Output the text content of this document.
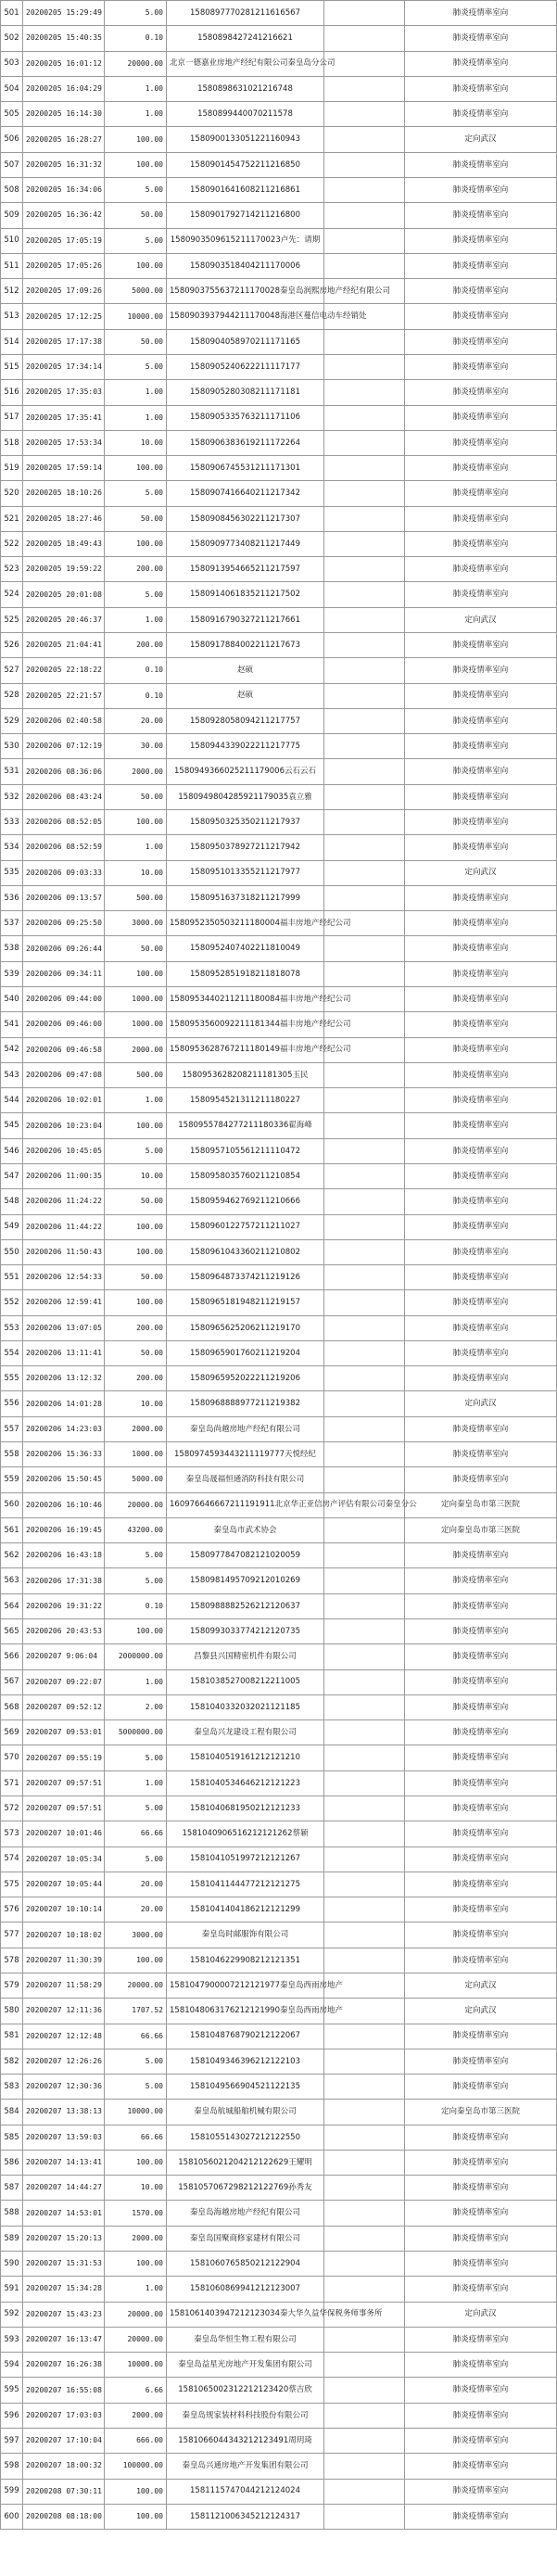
501	20200205 15:29:49	5.00	1580897770281211616567		肺炎疫情率室向
502	20200205 15:40:35	0.10	1580898427241216621		肺炎疫情率室向
503	20200205 16:01:12	20000.00	北京一德嘉业房地产经纪有限公司秦皇岛分公司		肺炎疫情率室向
504	20200205 16:04:29	1.00	1580898631021216748		肺炎疫情率室向
505	20200205 16:14:30	1.00	1580899440070211578		肺炎疫情率室向
506	20200205 16:28:27	100.00	1580900133051221160943		定向武汉
507	20200205 16:31:32	100.00	1580901454752211216850		肺炎疫情率室向
508	20200205 16:34:06	5.00	1580901641608211216861		肺炎疫情率室向
509	20200205 16:36:42	50.00	1580901792714211216800		肺炎疫情率室向
510	20200205 17:05:19	5.00	1580903509615211170023卢先：请期		肺炎疫情率室向
511	20200205 17:05:26	100.00	1580903518404211170006		肺炎疫情率室向
512	20200205 17:09:26	5000.00	1580903755637211170028秦皇岛润熙房地产经纪有限公司		肺炎疫情率室向
513	20200205 17:12:25	10000.00	1580903937944211170048海港区蔓信电动车经销处		肺炎疫情率室向
514	20200205 17:17:38	50.00	1580904058970211171165		肺炎疫情率室向
515	20200205 17:34:14	5.00	1580905240622211117177		肺炎疫情率室向
516	20200205 17:35:03	1.00	1580905280308211171181		肺炎疫情率室向
517	20200205 17:35:41	1.00	1580905335763211171106		肺炎疫情率室向
518	20200205 17:53:34	10.00	1580906383619211172264		肺炎疫情率室向
519	20200205 17:59:14	100.00	1580906745531211171301		肺炎疫情率室向
520	20200205 18:10:26	5.00	1580907416640211217342		肺炎疫情率室向
521	20200205 18:27:46	50.00	1580908456302211217307		肺炎疫情率室向
522	20200205 18:49:43	100.00	1580909773408211217449		肺炎疫情率室向
523	20200205 19:59:22	200.00	1580913954665211217597		肺炎疫情率室向
524	20200205 20:01:08	5.00	1580914061835211217502		肺炎疫情率室向
525	20200205 20:46:37	1.00	1580916790327211217661		定向武汉
526	20200205 21:04:41	200.00	1580917884002211217673		肺炎疫情率室向
527	20200205 22:18:22	0.10	赵硕		肺炎疫情率室向
528	20200205 22:21:57	0.10	赵硕		肺炎疫情率室向
529	20200206 02:40:58	20.00	1580928058094211217757		肺炎疫情率室向
530	20200206 07:12:19	30.00	1580944339022211217775		肺炎疫情率室向
531	20200206 08:36:06	2000.00	1580949366025211179006云石云石		肺炎疫情率室向
532	20200206 08:43:24	50.00	1580949804285921179035袁立雅		肺炎疫情率室向
533	20200206 08:52:05	100.00	1580950325350211217937		肺炎疫情率室向
534	20200206 08:52:59	1.00	1580950378927211217942		肺炎疫情率室向
535	20200206 09:03:33	10.00	1580951013355211217977		定向武汉
536	20200206 09:13:57	500.00	1580951637318211217999		肺炎疫情率室向
537	20200206 09:25:50	3000.00	1580952350503211180004福丰房地产经纪公司		肺炎疫情率室向
538	20200206 09:26:44	50.00	1580952407402211810049		肺炎疫情率室向
539	20200206 09:34:11	100.00	1580952851918211818078		肺炎疫情率室向
540	20200206 09:44:00	1000.00	1580953440211211180084福丰房地产经纪公司		肺炎疫情率室向
541	20200206 09:46:00	1000.00	1580953560092211181344福丰房地产经纪公司		肺炎疫情率室向
542	20200206 09:46:58	2000.00	1580953628767211180149福丰房地产经纪公司		肺炎疫情率室向
543	20200206 09:47:08	500.00	1580953628208211181305玉民		肺炎疫情率室向
544	20200206 10:02:01	1.00	1580954521311211180227		肺炎疫情率室向
545	20200206 10:23:04	100.00	1580955784277211180336翟海峰		肺炎疫情率室向
546	20200206 10:45:05	5.00	1580957105561211110472		肺炎疫情率室向
547	20200206 11:00:35	10.00	1580958035760211210854		肺炎疫情率室向
548	20200206 11:24:22	50.00	1580959462769211210666		肺炎疫情率室向
549	20200206 11:44:22	100.00	1580960122757211211027		肺炎疫情率室向
550	20200206 11:50:43	100.00	1580961043360211210802		肺炎疫情率室向
551	20200206 12:54:33	50.00	1580964873374211219126		肺炎疫情率室向
552	20200206 12:59:41	100.00	1580965181948211219157		肺炎疫情率室向
553	20200206 13:07:05	200.00	1580965625206211219170		肺炎疫情率室向
554	20200206 13:11:41	50.00	1580965901760211219204		肺炎疫情率室向
555	20200206 13:12:32	200.00	1580965952022211219206		肺炎疫情率室向
556	20200206 14:01:28	10.00	1580968888977211219382		定向武汉
557	20200206 14:23:03	2000.00	秦皇岛尚越房地产经纪有限公司		肺炎疫情率室向
558	20200206 15:36:33	1000.00	1580974593443211119777天悦经纪		肺炎疫情率室向
559	20200206 15:50:45	5000.00	秦皇岛晟福恒通消防科技有限公司		肺炎疫情率室向
560	20200206 16:10:46	20000.00	160976646667211191911北京华正亚信房产评估有限公司秦皇分公		定向秦皇岛市第三医院
561	20200206 16:19:45	43200.00	秦皇岛市武术协会		定向秦皇岛市第三医院
562	20200206 16:43:18	5.00	1580977847082121020059		肺炎疫情率室向
563	20200206 17:31:38	5.00	1580981495709212010269		肺炎疫情率室向
564	20200206 19:31:22	0.10	1580988882526212120637		肺炎疫情率室向
565	20200206 20:43:53	100.00	1580993033774212120735		肺炎疫情率室向
566	20200207 9:06:04	2000000.00	昌黎县兴国精密机件有限公司		肺炎疫情率室向
567	20200207 09:22:07	1.00	1581038527008212211005		肺炎疫情率室向
568	20200207 09:52:12	2.00	1581040332032021121185		肺炎疫情率室向
569	20200207 09:53:01	5000000.00	秦皇岛兴龙建设工程有限公司		肺炎疫情率室向
570	20200207 09:55:19	5.00	1581040519161212121210		肺炎疫情率室向
571	20200207 09:57:51	1.00	1581040534646212121223		肺炎疫情率室向
572	20200207 09:57:51	5.00	1581040681950212121233		肺炎疫情率室向
573	20200207 10:01:46	66.66	1581040906516212121262蔡颖		肺炎疫情率室向
574	20200207 10:05:34	5.00	1581041051997212121267		肺炎疫情率室向
575	20200207 10:05:44	20.00	1581041144477212121275		肺炎疫情率室向
576	20200207 10:10:14	20.00	1581041404186212121299		肺炎疫情率室向
577	20200207 10:18:02	3000.00	秦皇岛时邮服饰有限公司		肺炎疫情率室向
578	20200207 11:30:39	100.00	1581046229908212121351		肺炎疫情率室向
579	20200207 11:58:29	20000.00	1581047900007212121977秦皇岛西雨房地产		定向武汉
580	20200207 12:11:36	1707.52	1581048063176212121990秦皇岛西雨房地产		定向武汉
581	20200207 12:12:48	66.66	1581048768790212122067		肺炎疫情率室向
582	20200207 12:26:26	5.00	1581049346396212122103		肺炎疫情率室向
583	20200207 12:30:36	5.00	1581049566904521122135		肺炎疫情率室向
584	20200207 13:38:13	10000.00	秦皇岛航城船舶机械有限公司		定向秦皇岛市第三医院
585	20200207 13:59:03	66.66	1581055143027212122550		肺炎疫情率室向
586	20200207 14:13:41	100.00	1581056021204212122629王耀明		肺炎疫情率室向
587	20200207 14:44:27	10.00	1581057067298212122769孙秀友		肺炎疫情率室向
588	20200207 14:53:01	1570.00	秦皇岛海越房地产经纪有限公司		肺炎疫情率室向
589	20200207 15:20:13	2000.00	秦皇岛国聚商修家建材有限公司		肺炎疫情率室向
590	20200207 15:31:53	100.00	1581060765850212122904		肺炎疫情率室向
591	20200207 15:34:28	1.00	1581060869941212123007		肺炎疫情率室向
592	20200207 15:43:23	20000.00	1581061403947212123034秦大华久益华保税务师事务所		定向武汉
593	20200207 16:13:47	20000.00	秦皇岛华恒生物工程有限公司		肺炎疫情率室向
594	20200207 16:26:38	10000.00	秦皇岛益星光房地产开发集团有限公司		肺炎疫情率室向
595	20200207 16:55:08	6.66	1581065002312212123420蔡吉欣		肺炎疫情率室向
596	20200207 17:03:03	2000.00	秦皇岛规家装材料科技股份有限公司		肺炎疫情率室向
597	20200207 17:10:04	666.00	1581066044343212123491周玥琦		肺炎疫情率室向
598	20200207 18:00:32	100000.00	秦皇岛兴通房地产开发集团有限公司		肺炎疫情率室向
599	20200208 07:30:11	100.00	1581115747044212124024		肺炎疫情率室向
600	20200208 08:18:00	100.00	1581121006345212124317		肺炎疫情率室向
